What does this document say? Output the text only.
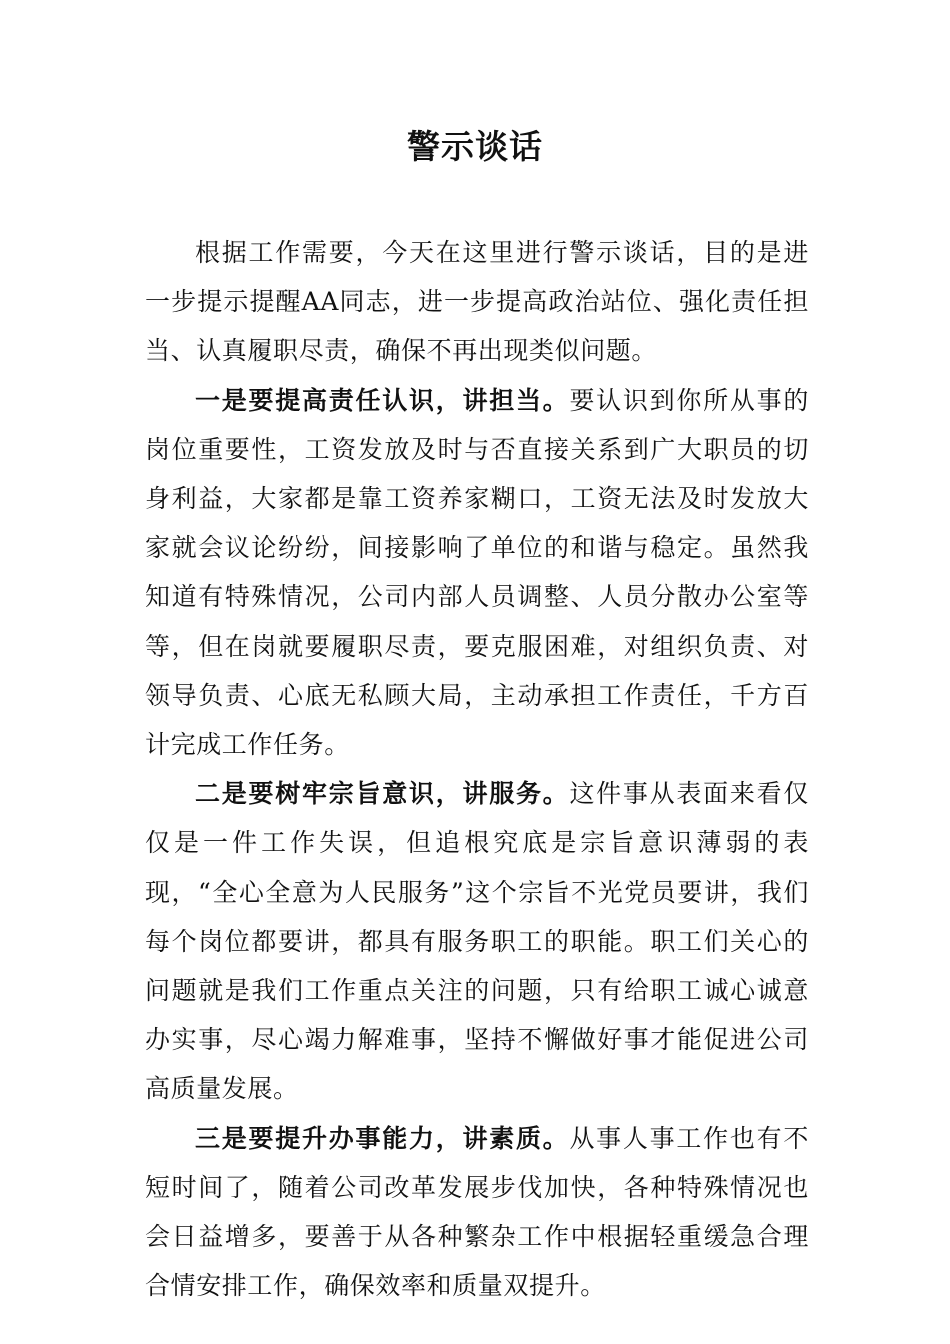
警示谈话

根据工作需要，今天在这里进行警示谈话，目的是进一步提示提醒AA同志，进一步提高政治站位、强化责任担当、认真履职尽责，确保不再出现类似问题。

一是要提高责任认识，讲担当。要认识到你所从事的岗位重要性，工资发放及时与否直接关系到广大职员的切身利益，大家都是靠工资养家糊口，工资无法及时发放大家就会议论纷纷，间接影响了单位的和谐与稳定。虽然我知道有特殊情况，公司内部人员调整、人员分散办公室等等，但在岗就要履职尽责，要克服困难，对组织负责、对领导负责、心底无私顾大局，主动承担工作责任，千方百计完成工作任务。

二是要树牢宗旨意识，讲服务。这件事从表面来看仅仅是一件工作失误，但追根究底是宗旨意识薄弱的表现，“全心全意为人民服务”这个宗旨不光党员要讲，我们每个岗位都要讲，都具有服务职工的职能。职工们关心的问题就是我们工作重点关注的问题，只有给职工诚心诚意办实事，尽心竭力解难事，坚持不懈做好事才能促进公司高质量发展。

三是要提升办事能力，讲素质。从事人事工作也有不短时间了，随着公司改革发展步伐加快，各种特殊情况也会日益增多，要善于从各种繁杂工作中根据轻重缓急合理合情安排工作，确保效率和质量双提升。
